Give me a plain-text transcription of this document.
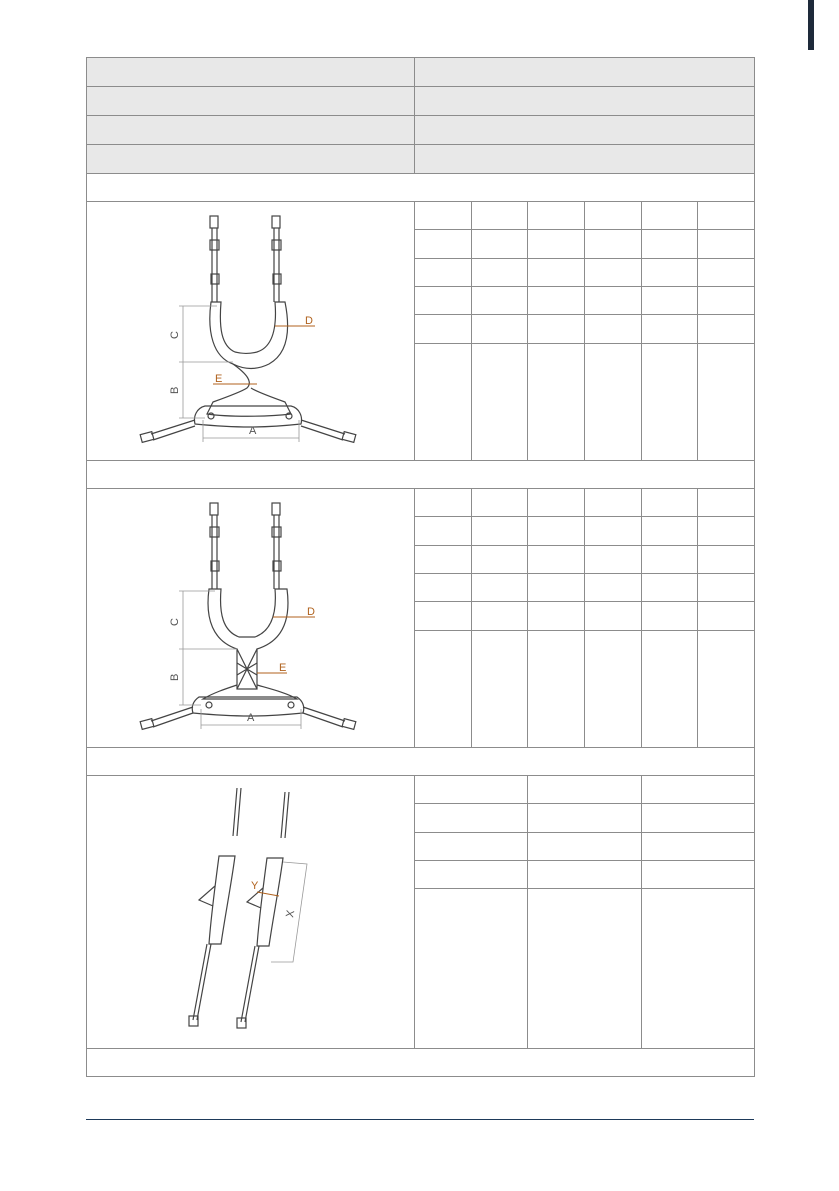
C
B
A
D
E						

C
B
A
D
E						

X
Y						
